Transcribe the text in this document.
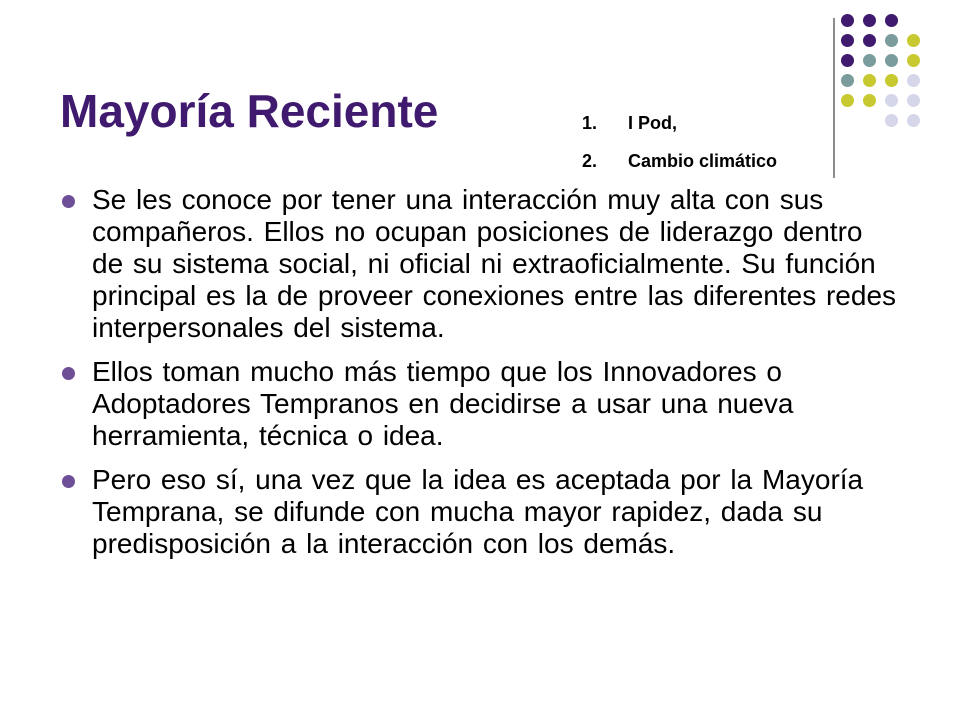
Mayoría Reciente	1. I Pod,
2. Cambio climático
Se les conoce por tener una interacción muy alta con sus compañeros. Ellos no ocupan posiciones de liderazgo dentro de su sistema social, ni oficial ni extraoficialmente. Su función principal es la de proveer conexiones entre las diferentes redes interpersonales del sistema.
Ellos toman mucho más tiempo que los Innovadores o Adoptadores Tempranos en decidirse a usar una nueva herramienta, técnica o idea.
Pero eso sí, una vez que la idea es aceptada por la Mayoría Temprana, se difunde con mucha mayor rapidez, dada su predisposición a la interacción con los demás.
